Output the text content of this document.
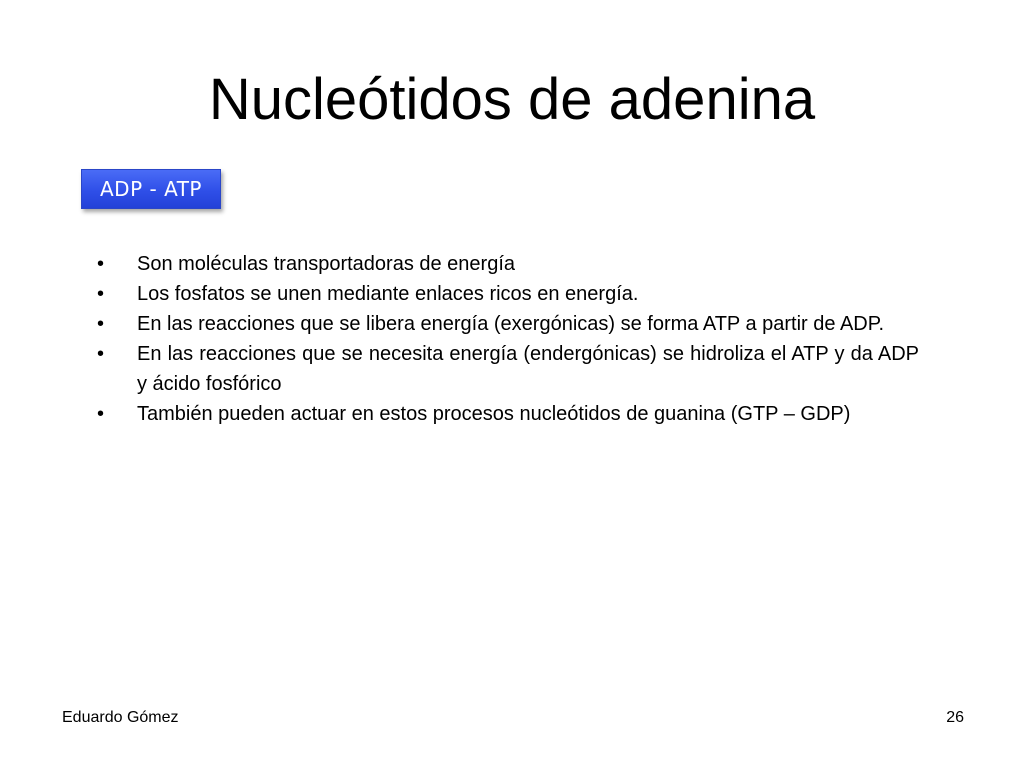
Nucleótidos de adenina
ADP - ATP
•	Son moléculas transportadoras de energía
•	Los fosfatos se unen mediante enlaces ricos en energía.
•	En las reacciones que se libera energía (exergónicas) se forma ATP a partir de ADP.
•	En las reacciones que se necesita energía (endergónicas) se hidroliza el ATP y da ADP y ácido fosfórico
•	También pueden actuar en estos procesos nucleótidos de guanina (GTP – GDP)
Eduardo Gómez	26
